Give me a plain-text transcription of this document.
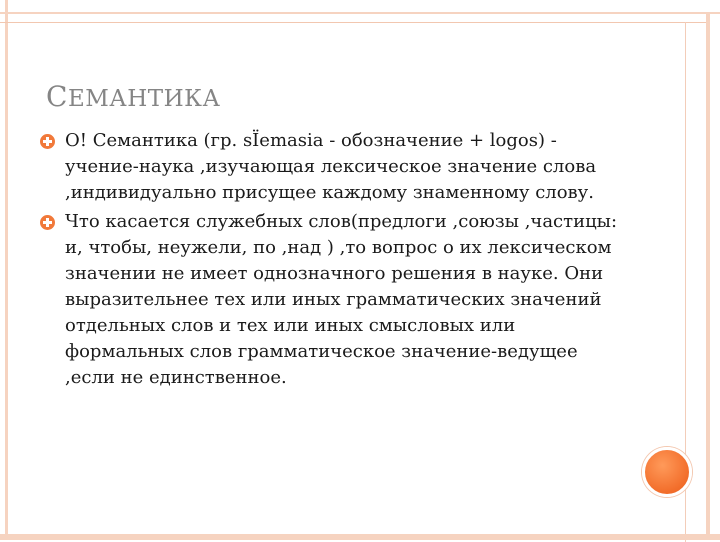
СЕМАНТИКА
О! Семантика (гр. sЇemasia - обозначение + logos) - учение-наука ,изучающая лексическое значение слова ,индивидуально присущее каждому знаменному слову.
Что касается служебных слов(предлоги ,союзы ,частицы: и, чтобы, неужели, по ,над ) ,то вопрос о их лексическом значении не имеет однозначного решения в науке. Они выразительнее тех или иных грамматических значений отдельных слов и тех или иных смысловых или формальных слов грамматическое значение-ведущее ,если не единственное.
